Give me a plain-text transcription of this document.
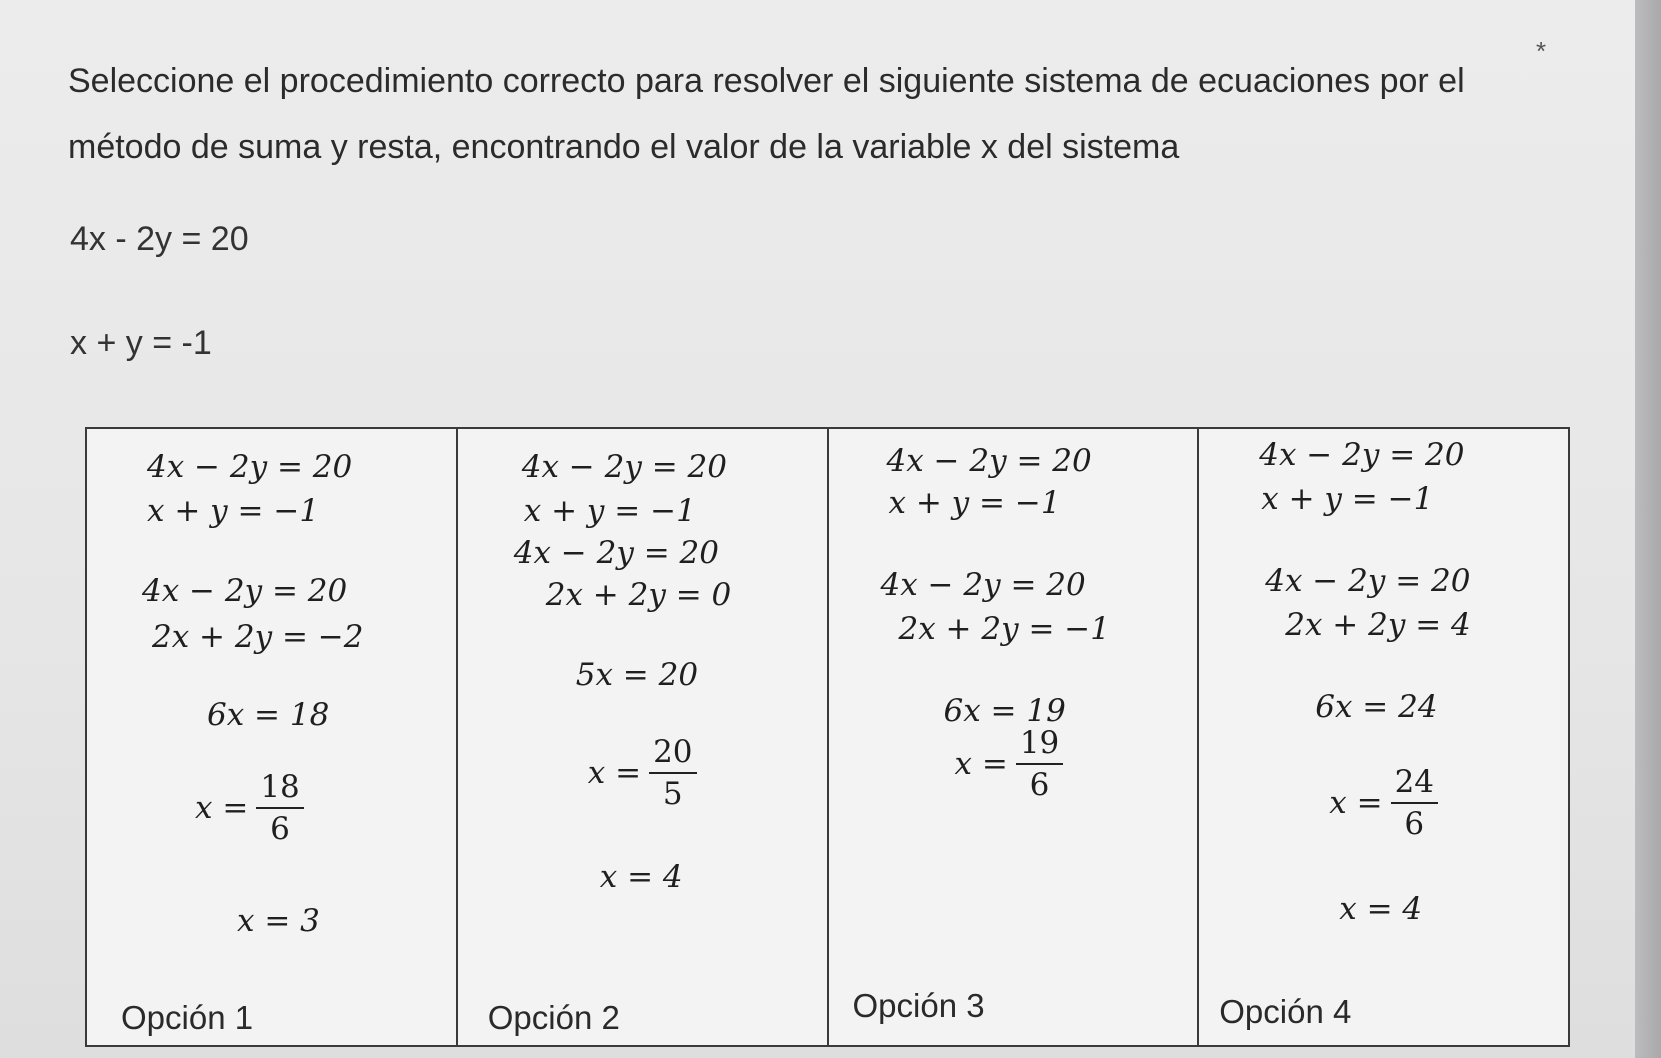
*
Seleccione el procedimiento correcto para resolver el siguiente sistema de ecuaciones por el
método de suma y resta, encontrando el valor de la variable x del sistema
4x - 2y = 20
x + y = -1
4x − 2y = 20
x + y = −1
4x − 2y = 20
2x + 2y = −2
6x = 18
$x = \frac{18}{6}$
x = 3
Opción 1
4x − 2y = 20
x + y = −1
4x − 2y = 20
2x + 2y = 0
5x = 20
$x = \frac{20}{5}$
x = 4
Opción 2
4x − 2y = 20
x + y = −1
4x − 2y = 20
2x + 2y = −1
6x = 19
$x = \frac{19}{6}$
Opción 3
4x − 2y = 20
x + y = −1
4x − 2y = 20
2x + 2y = 4
6x = 24
$x = \frac{24}{6}$
x = 4
Opción 4
